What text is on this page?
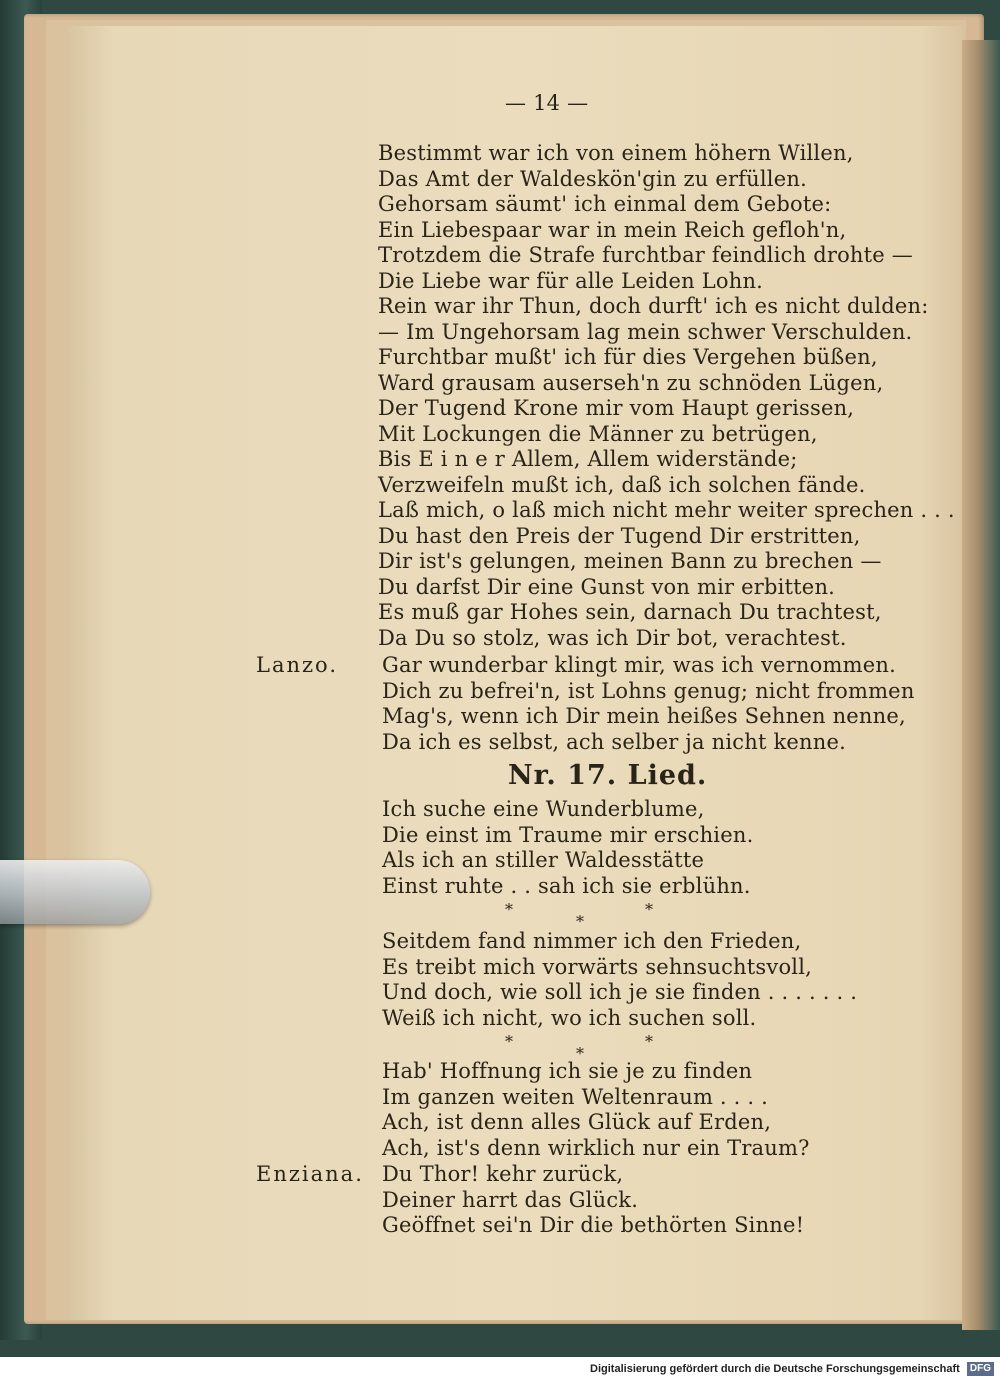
— 14 —
Bestimmt war ich von einem höhern Willen,
Das Amt der Waldeskön'gin zu erfüllen.
Gehorsam säumt' ich einmal dem Gebote:
Ein Liebespaar war in mein Reich gefloh'n,
Trotzdem die Strafe furchtbar feindlich drohte —
Die Liebe war für alle Leiden Lohn.
Rein war ihr Thun, doch durft' ich es nicht dulden:
— Im Ungehorsam lag mein schwer Verschulden.
Furchtbar mußt' ich für dies Vergehen büßen,
Ward grausam auserseh'n zu schnöden Lügen,
Der Tugend Krone mir vom Haupt gerissen,
Mit Lockungen die Männer zu betrügen,
Bis E i n e r Allem, Allem widerstände;
Verzweifeln mußt ich, daß ich solchen fände.
Laß mich, o laß mich nicht mehr weiter sprechen . . .
Du hast den Preis der Tugend Dir erstritten,
Dir ist's gelungen, meinen Bann zu brechen —
Du darfst Dir eine Gunst von mir erbitten.
Es muß gar Hohes sein, darnach Du trachtest,
Da Du so stolz, was ich Dir bot, verachtest.
Lanzo. Gar wunderbar klingt mir, was ich vernommen.
Dich zu befrei'n, ist Lohns genug; nicht frommen
Mag's, wenn ich Dir mein heißes Sehnen nenne,
Da ich es selbst, ach selber ja nicht kenne.
Nr. 17. Lied.
Ich suche eine Wunderblume,
Die einst im Traume mir erschien.
Als ich an stiller Waldesstätte
Einst ruhte . . sah ich sie erblühn.
*	*
*
Seitdem fand nimmer ich den Frieden,
Es treibt mich vorwärts sehnsuchtsvoll,
Und doch, wie soll ich je sie finden . . . . . . .
Weiß ich nicht, wo ich suchen soll.
*	*
*
Hab' Hoffnung ich sie je zu finden
Im ganzen weiten Weltenraum . . . .
Ach, ist denn alles Glück auf Erden,
Ach, ist's denn wirklich nur ein Traum?
Enziana. Du Thor! kehr zurück,
Deiner harrt das Glück.
Geöffnet sei'n Dir die bethörten Sinne!
Digitalisierung gefördert durch die Deutsche Forschungsgemeinschaft DFG
